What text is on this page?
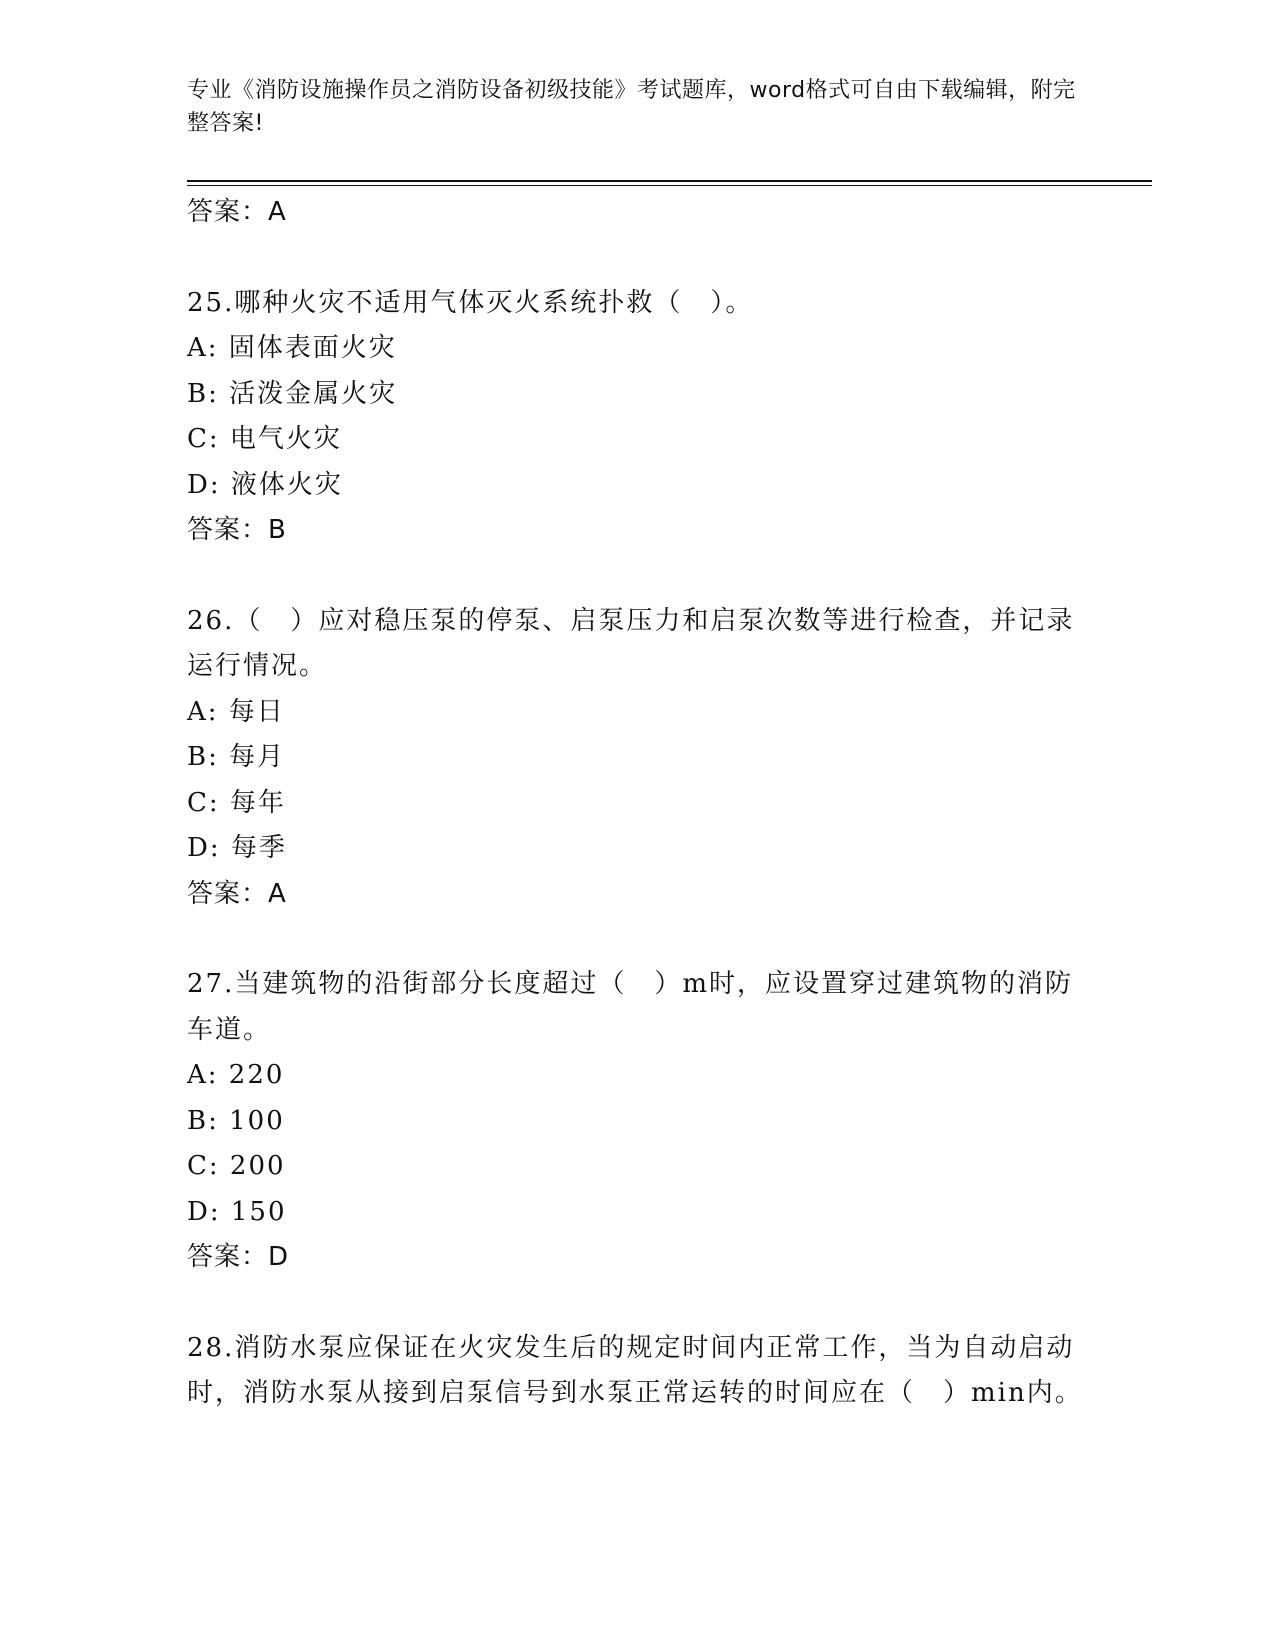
专业《消防设施操作员之消防设备初级技能》考试题库，word格式可自由下载编辑，附完整答案!
答案：A
25.哪种火灾不适用气体灭火系统扑救（　）。
A: 固体表面火灾
B: 活泼金属火灾
C: 电气火灾
D: 液体火灾
答案：B
26.（　）应对稳压泵的停泵、启泵压力和启泵次数等进行检查，并记录运行情况。
A: 每日
B: 每月
C: 每年
D: 每季
答案：A
27.当建筑物的沿街部分长度超过（　）m时，应设置穿过建筑物的消防车道。
A: 220
B: 100
C: 200
D: 150
答案：D
28.消防水泵应保证在火灾发生后的规定时间内正常工作，当为自动启动时，消防水泵从接到启泵信号到水泵正常运转的时间应在（　）min内。
